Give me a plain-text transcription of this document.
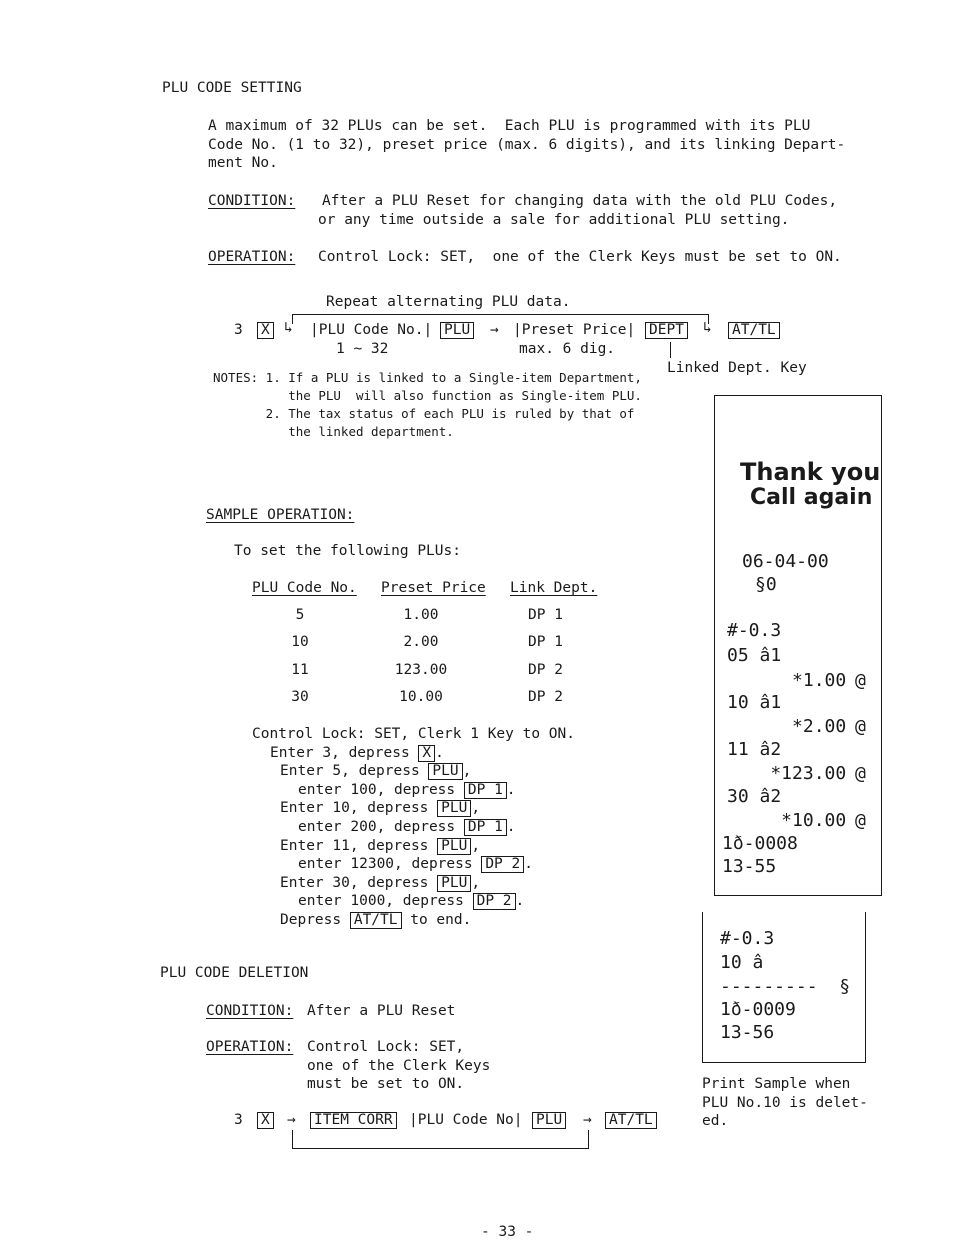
PLU CODE SETTING
A maximum of 32 PLUs can be set.  Each PLU is programmed with its PLU
Code No. (1 to 32), preset price (max. 6 digits), and its linking Depart-
ment No.
CONDITION: After a PLU Reset for changing data with the old PLU Codes,
or any time outside a sale for additional PLU setting.
OPERATION: Control Lock: SET,  one of the Clerk Keys must be set to ON.
Repeat alternating PLU data.
3 X ↳ |PLU Code No.| PLU → |Preset Price| DEPT ↳ AT/TL
1 ~ 32	max. 6 dig.
Linked Dept. Key
NOTES: 1. If a PLU is linked to a Single-item Department,
the PLU  will also function as Single-item PLU.
2. The tax status of each PLU is ruled by that of
the linked department.
SAMPLE OPERATION:
To set the following PLUs:
PLU Code No. Preset Price Link Dept.
5	1.00	DP 1
10	2.00	DP 1
11	123.00	DP 2
30	10.00	DP 2
Control Lock: SET, Clerk 1 Key to ON.
Enter 3, depress X .
Enter 5, depress PLU ,
enter 100, depress DP 1 .
Enter 10, depress PLU ,
enter 200, depress DP 1 .
Enter 11, depress PLU ,
enter 12300, depress DP 2 .
Enter 30, depress PLU ,
enter 1000, depress DP 2 .
Depress AT/TL to end.
Thank you
Call again
06-04-00
§0
#-0.3
05 â1
*1.00 @
10 â1
*2.00 @
11 â2
*123.00 @
30 â2
*10.00 @
1ð-0008
13-55
PLU CODE DELETION
CONDITION: After a PLU Reset
OPERATION: Control Lock: SET,
one of the Clerk Keys
must be set to ON.
3 X → ITEM CORR |PLU Code No| PLU → AT/TL
#-0.3
10 â
---------  §
1ð-0009
13-56
Print Sample when
PLU No.10 is delet-
ed.
- 33 -
